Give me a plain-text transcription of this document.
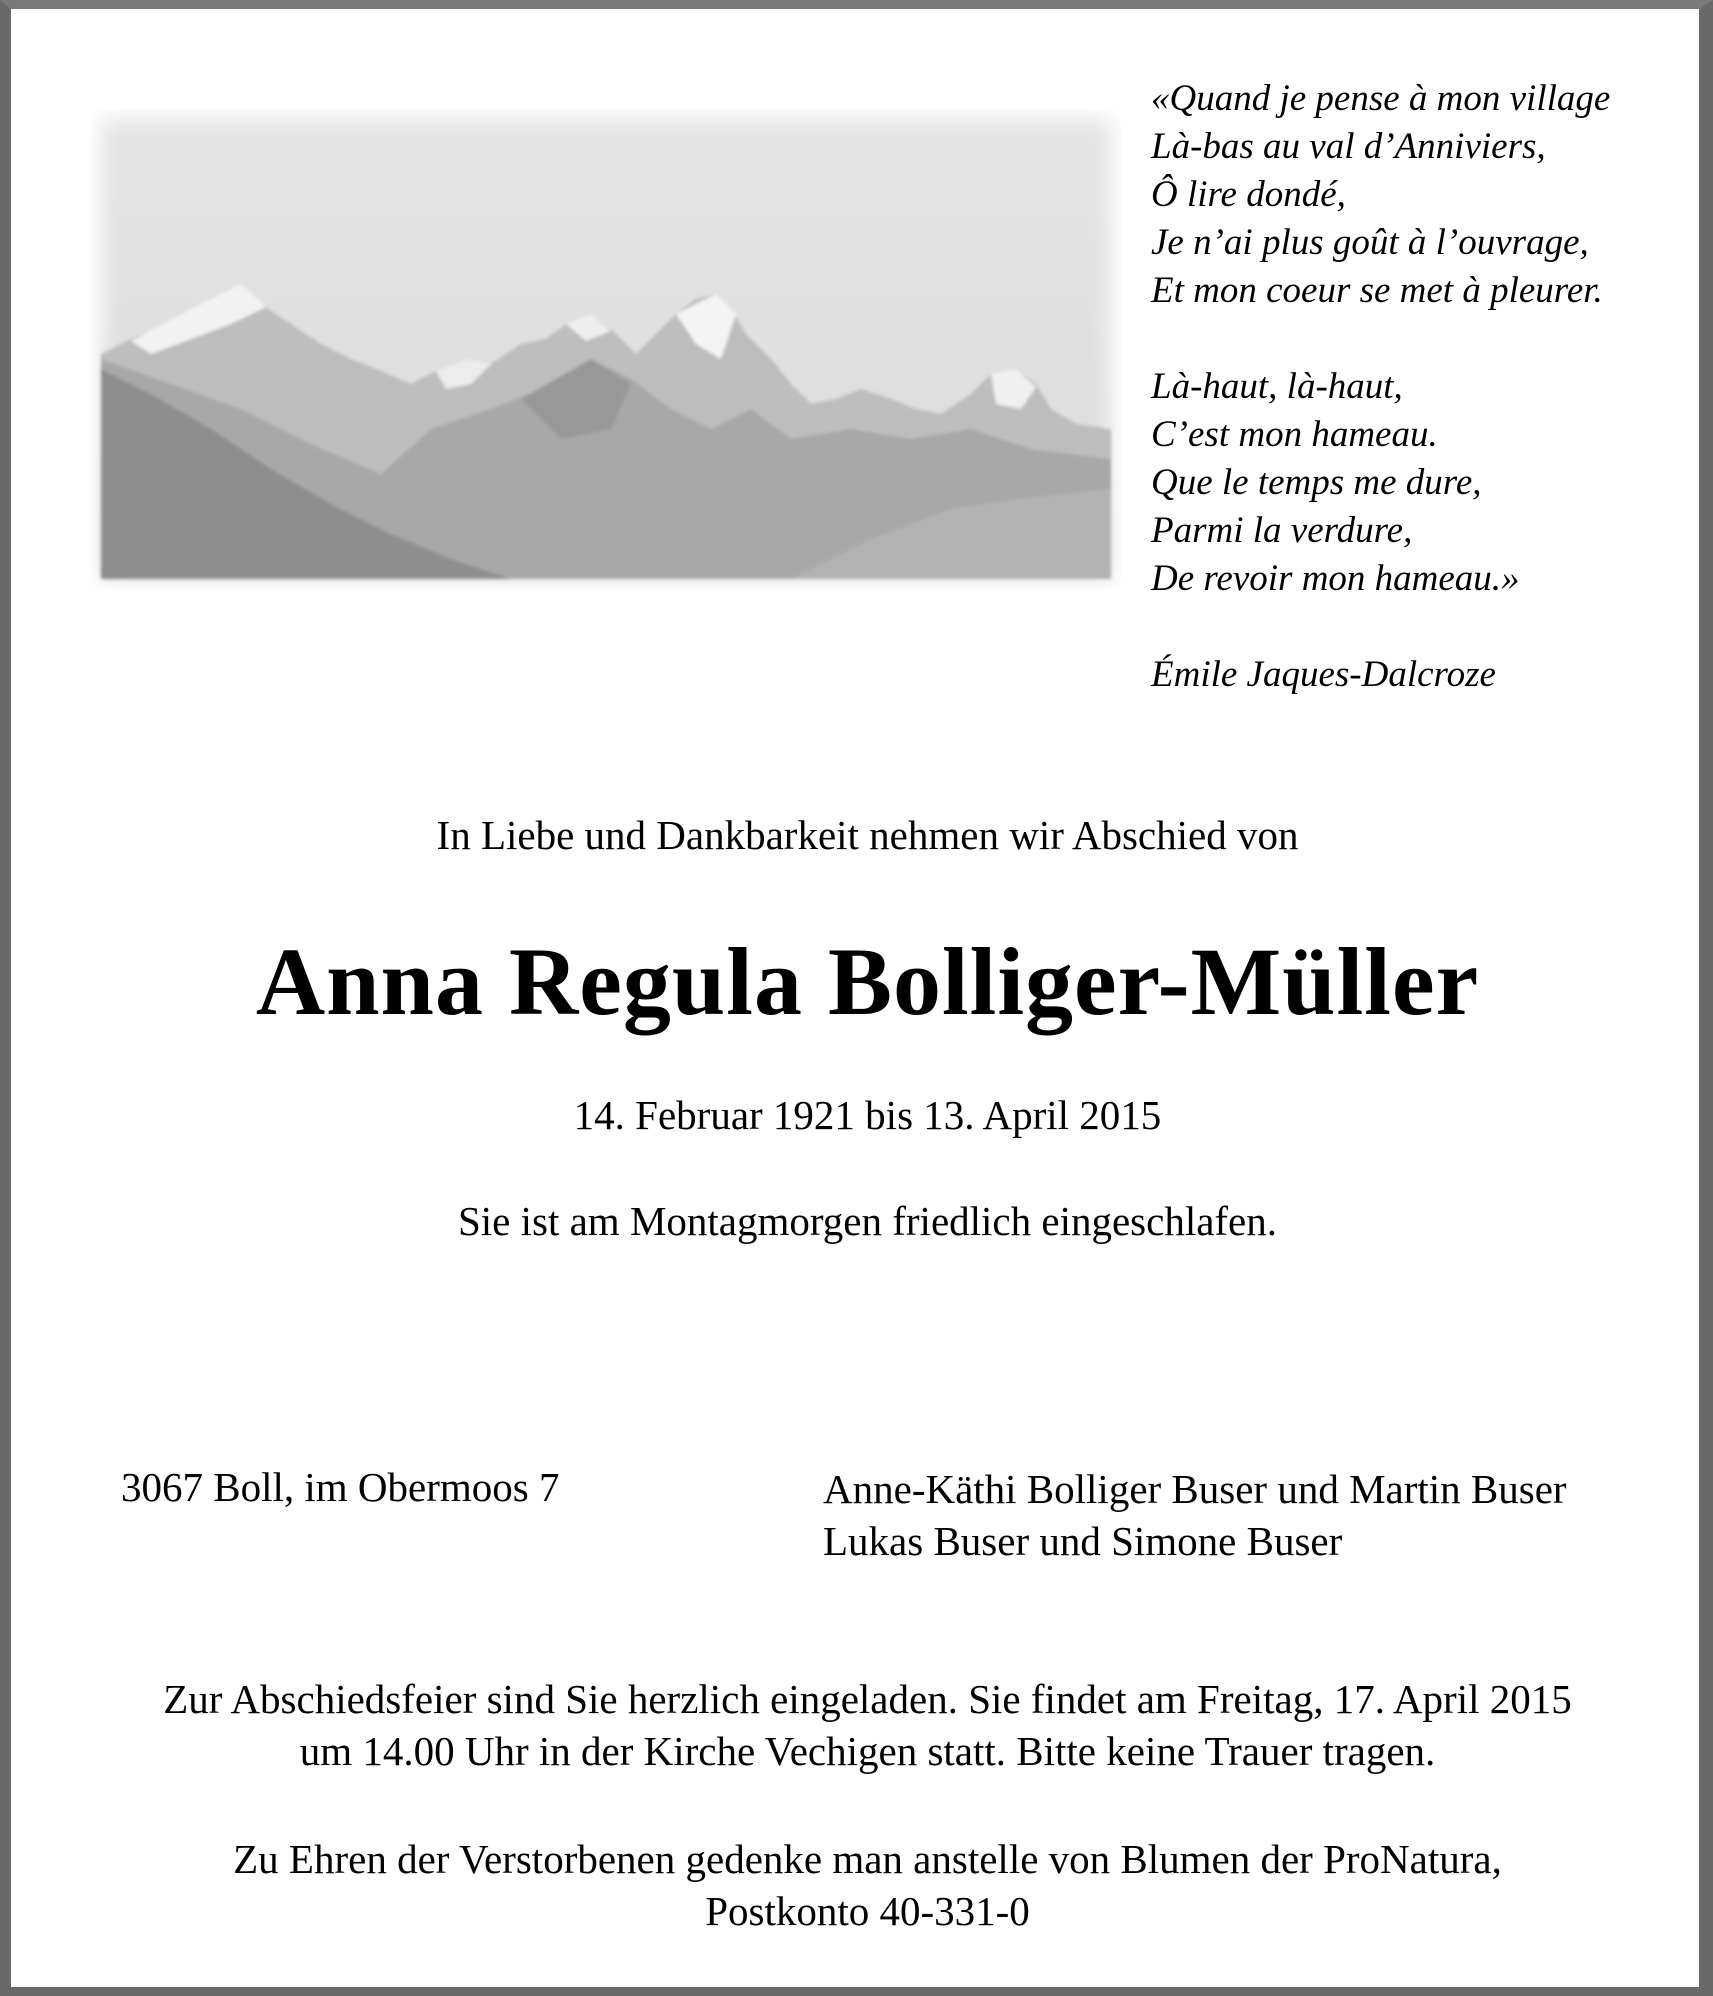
«Quand je pense à mon village
Là-bas au val d’Anniviers,
Ô lire dondé,
Je n’ai plus goût à l’ouvrage,
Et mon coeur se met à pleurer.
Là-haut, là-haut,
C’est mon hameau.
Que le temps me dure,
Parmi la verdure,
De revoir mon hameau.»
Émile Jaques-Dalcroze
In Liebe und Dankbarkeit nehmen wir Abschied von
Anna Regula Bolliger-Müller
14. Februar 1921 bis 13. April 2015
Sie ist am Montagmorgen friedlich eingeschlafen.
3067 Boll, im Obermoos 7	Anne-Käthi Bolliger Buser und Martin Buser
Lukas Buser und Simone Buser
Zur Abschiedsfeier sind Sie herzlich eingeladen. Sie findet am Freitag, 17. April 2015
um 14.00 Uhr in der Kirche Vechigen statt. Bitte keine Trauer tragen.
Zu Ehren der Verstorbenen gedenke man anstelle von Blumen der ProNatura,
Postkonto 40-331-0
